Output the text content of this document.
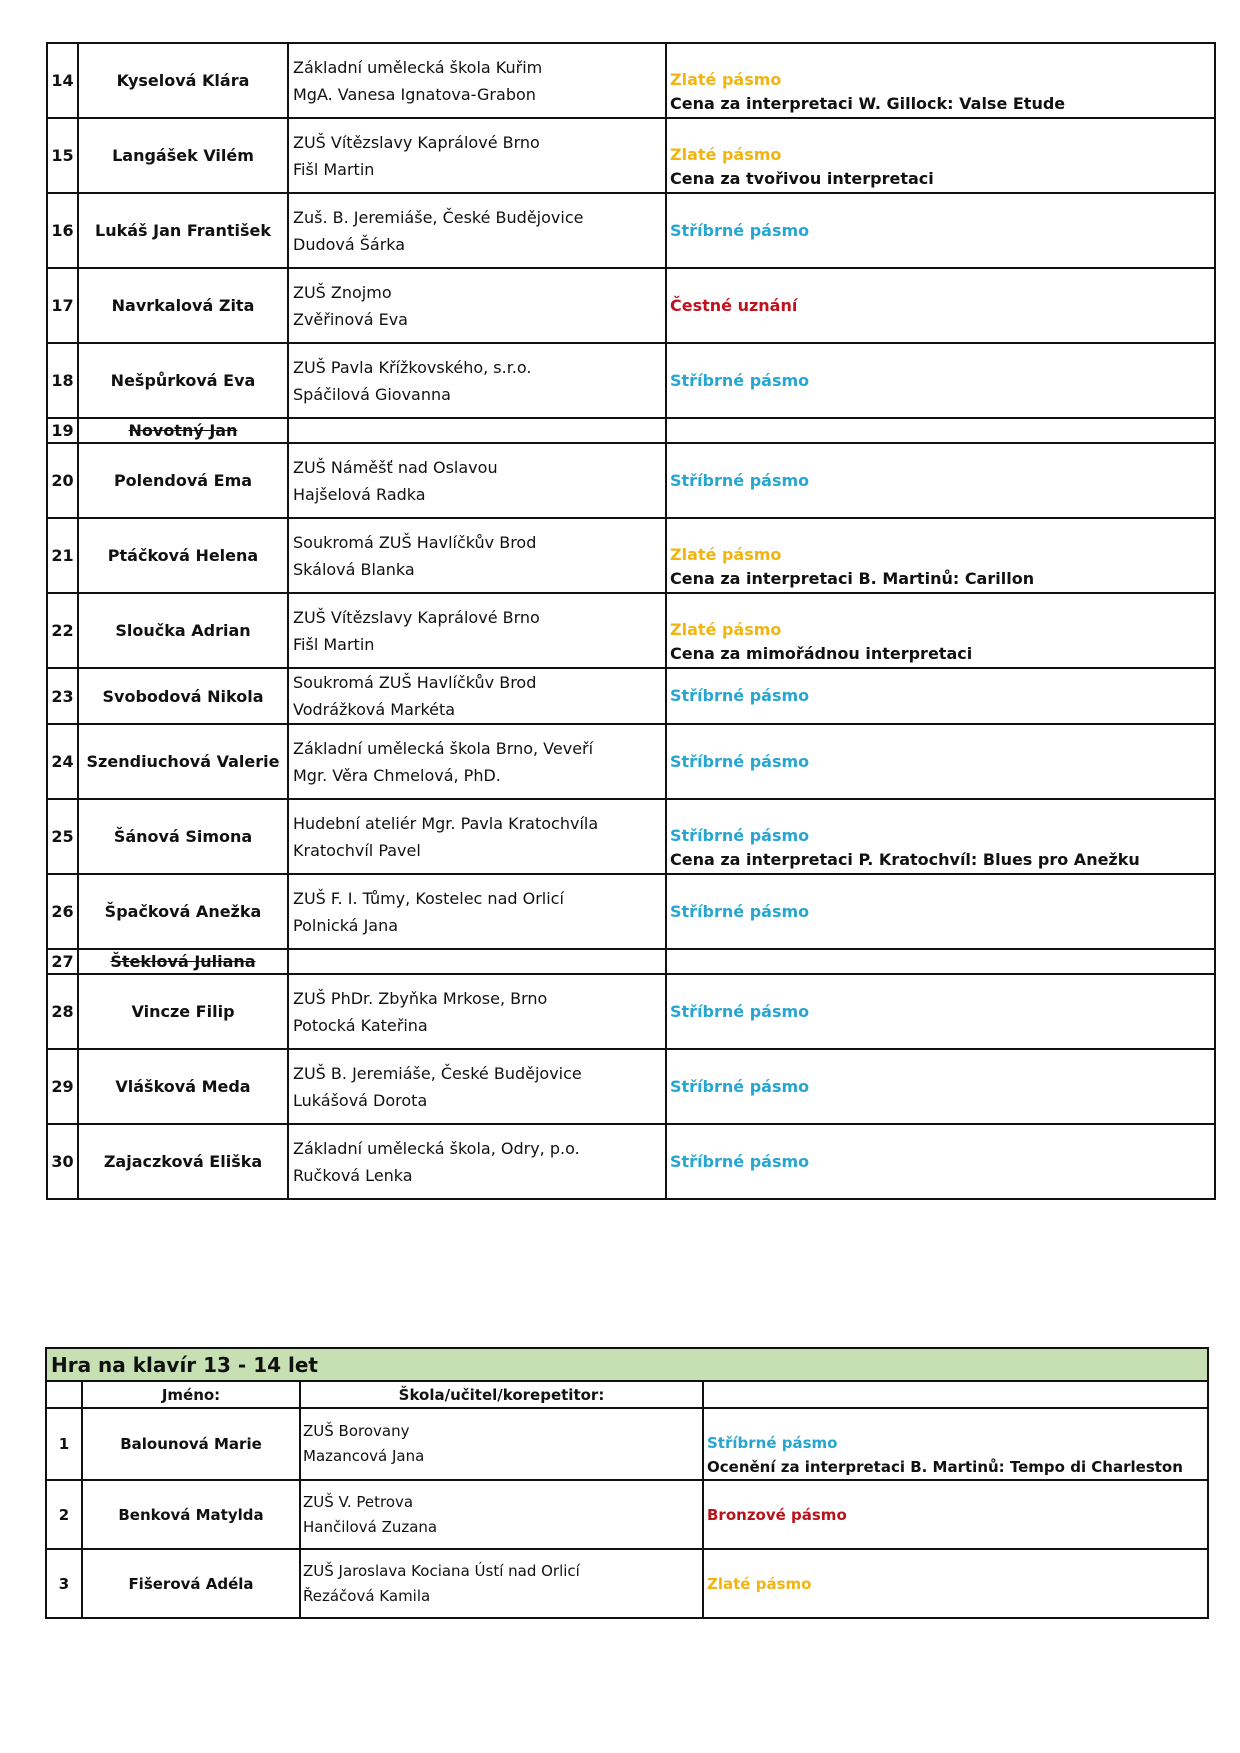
14	Kyselová Klára	Základní umělecká škola Kuřim
MgA. Vanesa Ignatova-Grabon	Zlaté pásmo
Cena za interpretaci W. Gillock: Valse Etude

15	Langášek Vilém	ZUŠ Vítězslavy Kaprálové Brno
Fišl Martin	Zlaté pásmo
Cena za tvořivou interpretaci

16	Lukáš Jan František	Zuš. B. Jeremiáše, České Budějovice
Dudová Šárka	Stříbrné pásmo

17	Navrkalová Zita	ZUŠ Znojmo
Zvěřinová Eva	Čestné uznání

18	Nešpůrková Eva	ZUŠ Pavla Křížkovského, s.r.o.
Spáčilová Giovanna	Stříbrné pásmo

19	Novotný Jan		
20	Polendová Ema	ZUŠ Náměšť nad Oslavou
Hajšelová Radka	Stříbrné pásmo

21	Ptáčková Helena	Soukromá ZUŠ Havlíčkův Brod
Skálová Blanka	Zlaté pásmo
Cena za interpretaci B. Martinů: Carillon

22	Sloučka Adrian	ZUŠ Vítězslavy Kaprálové Brno
Fišl Martin	Zlaté pásmo
Cena za mimořádnou interpretaci

23	Svobodová Nikola	Soukromá ZUŠ Havlíčkův Brod
Vodrážková Markéta	Stříbrné pásmo

24	Szendiuchová Valerie	Základní umělecká škola Brno, Veveří
Mgr. Věra Chmelová, PhD.	Stříbrné pásmo

25	Šánová Simona	Hudební ateliér Mgr. Pavla Kratochvíla
Kratochvíl Pavel	Stříbrné pásmo
Cena za interpretaci P. Kratochvíl: Blues pro Anežku

26	Špačková Anežka	ZUŠ F. I. Tůmy, Kostelec nad Orlicí
Polnická Jana	Stříbrné pásmo

27	Šteklová Juliana		
28	Vincze Filip	ZUŠ PhDr. Zbyňka Mrkose, Brno
Potocká Kateřina	Stříbrné pásmo

29	Vlášková Meda	ZUŠ B. Jeremiáše, České Budějovice
Lukášová Dorota	Stříbrné pásmo

30	Zajaczková Eliška	Základní umělecká škola, Odry, p.o.
Ručková Lenka	Stříbrné pásmo
Hra na klavír 13 - 14 let			
	Jméno:	Škola/učitel/korepetitor:	
1	Balounová Marie	ZUŠ Borovany
Mazancová Jana	Stříbrné pásmo
Ocenění za interpretaci B. Martinů: Tempo di Charleston

2	Benková Matylda	ZUŠ V. Petrova
Hančilová Zuzana	Bronzové pásmo

3	Fišerová Adéla	ZUŠ Jaroslava Kociana Ústí nad Orlicí
Řezáčová Kamila	Zlaté pásmo
